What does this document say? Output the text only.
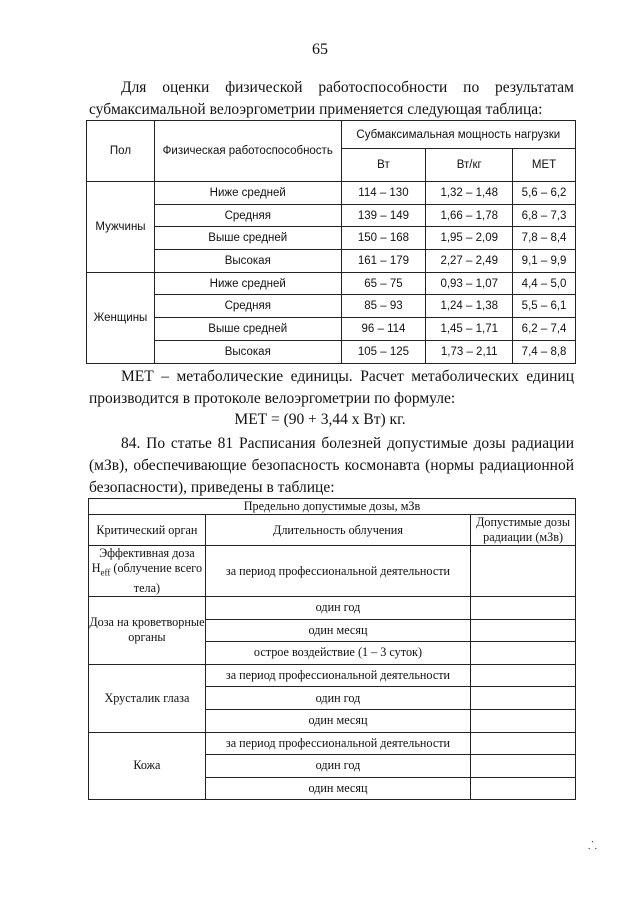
65

Для оценки физической работоспособности по результатам субмаксимальной велоэргометрии применяется следующая таблица:

Пол	Физическая работоспособность	Субмаксимальная мощность нагрузки		
		Вт	Вт/кг	МЕТ
Мужчины	Ниже средней	114 – 130	1,32 – 1,48	5,6 – 6,2
	Средняя	139 – 149	1,66 – 1,78	6,8 – 7,3
	Выше средней	150 – 168	1,95 – 2,09	7,8 – 8,4
	Высокая	161 – 179	2,27 – 2,49	9,1 – 9,9
Женщины	Ниже средней	65 – 75	0,93 – 1,07	4,4 – 5,0
	Средняя	85 – 93	1,24 – 1,38	5,5 – 6,1
	Выше средней	96 – 114	1,45 – 1,71	6,2 – 7,4
	Высокая	105 – 125	1,73 – 2,11	7,4 – 8,8

МЕТ – метаболические единицы. Расчет метаболических единиц производится в протоколе велоэргометрии по формуле:

МЕТ = (90 + 3,44 х Вт) кг.

84. По статье 81 Расписания болезней допустимые дозы радиации (мЗв), обеспечивающие безопасность космонавта (нормы радиационной безопасности), приведены в таблице:

Предельно допустимые дозы, мЗв		
Критический орган	Длительность облучения	Допустимые дозы радиации (мЗв)
Эффективная доза $H_{eff}$ (облучение всего тела)	за период профессиональной деятельности	
Доза на кроветворные органы	один год	
	один месяц	
	острое воздействие (1 – 3 суток)	
Хрусталик глаза	за период профессиональной деятельности	
	один год	
	один месяц	
Кожа	за период профессиональной деятельности	
	один год	
	один месяц	
⸫
